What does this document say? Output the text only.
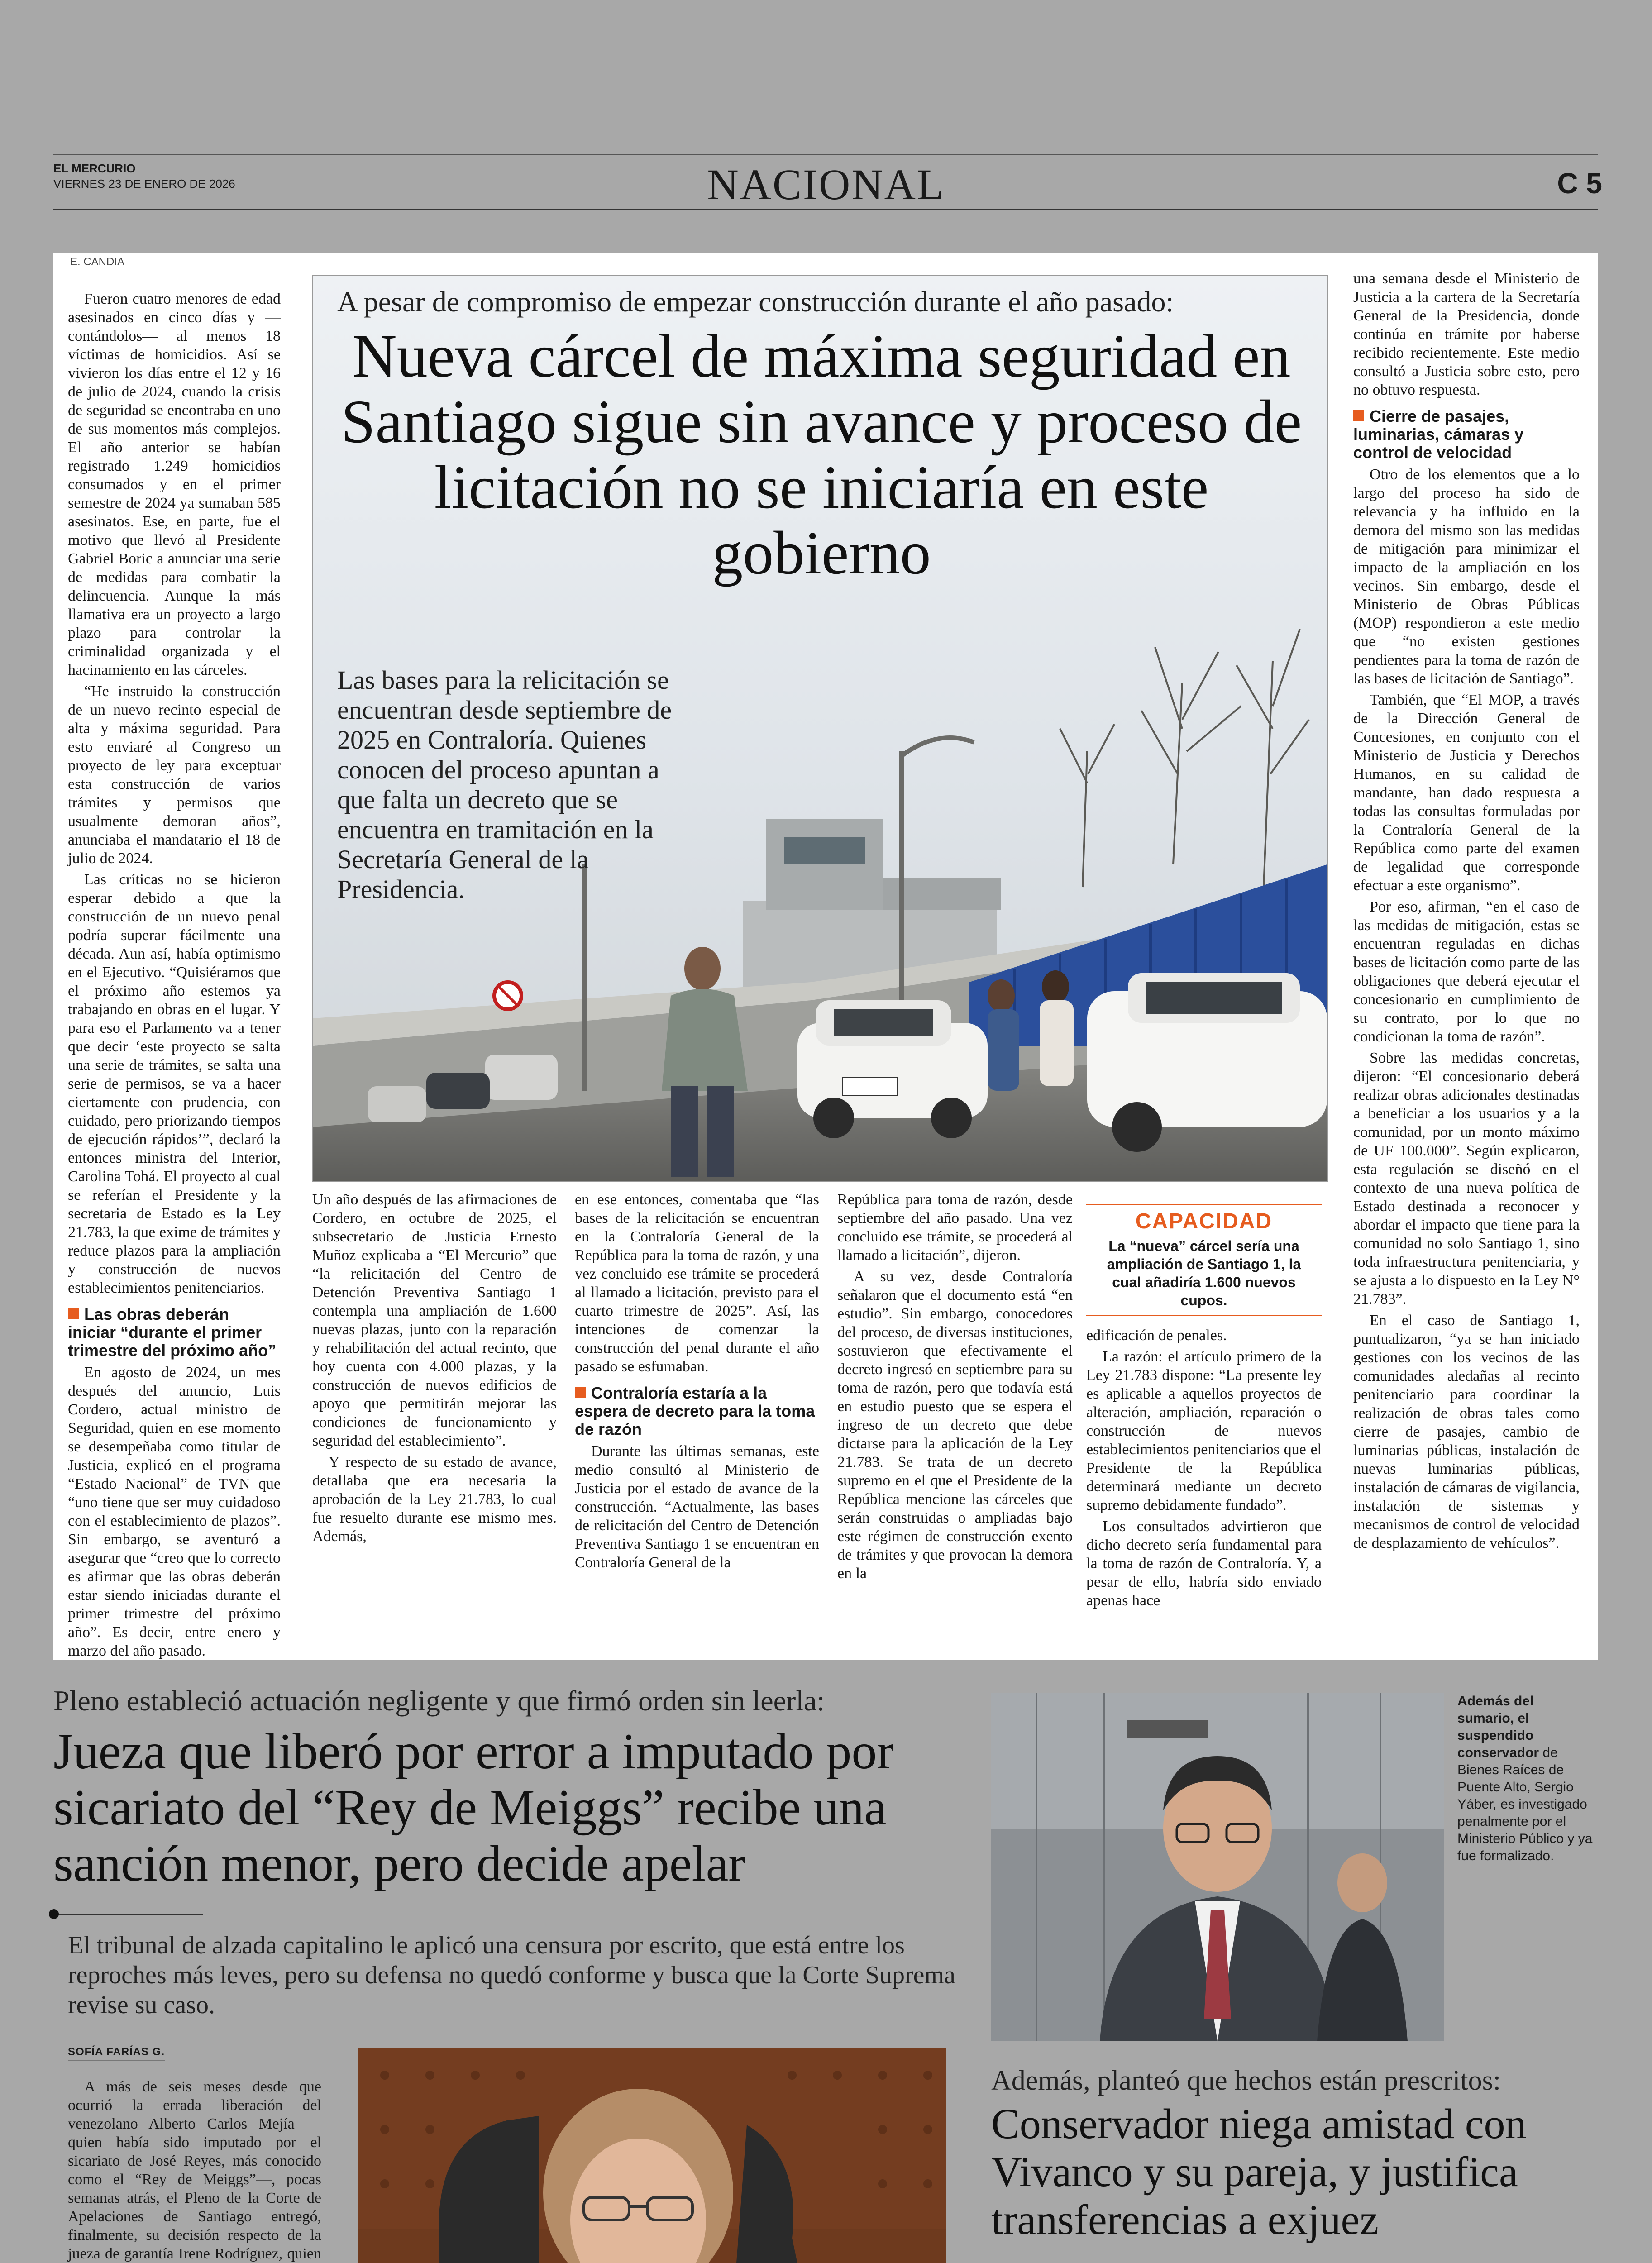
EL MERCURIO
VIERNES 23 DE ENERO DE 2026	NACIONAL	C 5
E. CANDIA

Fueron cuatro menores de edad asesinados en cinco días y —contándolos— al menos 18 víctimas de homicidios. Así se vivieron los días entre el 12 y 16 de julio de 2024, cuando la crisis de seguridad se encontraba en uno de sus momentos más complejos. El año anterior se habían registrado 1.249 homicidios consumados y en el primer semestre de 2024 ya sumaban 585 asesinatos. Ese, en parte, fue el motivo que llevó al Presidente Gabriel Boric a anunciar una serie de medidas para combatir la delincuencia. Aunque la más llamativa era un proyecto a largo plazo para controlar la criminalidad organizada y el hacinamiento en las cárceles.

“He instruido la construcción de un nuevo recinto especial de alta y máxima seguridad. Para esto enviaré al Congreso un proyecto de ley para exceptuar esta construcción de varios trámites y permisos que usualmente demoran años”, anunciaba el mandatario el 18 de julio de 2024.

Las críticas no se hicieron esperar debido a que la construcción de un nuevo penal podría superar fácilmente una década. Aun así, había optimismo en el Ejecutivo. “Quisiéramos que el próximo año estemos ya trabajando en obras en el lugar. Y para eso el Parlamento va a tener que decir ‘este proyecto se salta una serie de trámites, se salta una serie de permisos, se va a hacer ciertamente con prudencia, con cuidado, pero priorizando tiempos de ejecución rápidos’”, declaró la entonces ministra del Interior, Carolina Tohá. El proyecto al cual se referían el Presidente y la secretaria de Estado es la Ley 21.783, la que exime de trámites y reduce plazos para la ampliación y construcción de nuevos establecimientos penitenciarios.

Las obras deberán iniciar “durante el primer trimestre del próximo año”

En agosto de 2024, un mes después del anuncio, Luis Cordero, actual ministro de Seguridad, quien en ese momento se desempeñaba como titular de Justicia, explicó en el programa “Estado Nacional” de TVN que “uno tiene que ser muy cuidadoso con el establecimiento de plazos”. Sin embargo, se aventuró a asegurar que “creo que lo correcto es afirmar que las obras deberán estar siendo iniciadas durante el primer trimestre del próximo año”. Es decir, entre enero y marzo del año pasado.

A pesar de compromiso de empezar construcción durante el año pasado:
Nueva cárcel de máxima seguridad en Santiago sigue sin avance y proceso de licitación no se iniciaría en este gobierno
Las bases para la relicitación se encuentran desde septiembre de 2025 en Contraloría. Quienes conocen del proceso apuntan a que falta un decreto que se encuentra en tramitación en la Secretaría General de la Presidencia.

Un año después de las afirmaciones de Cordero, en octubre de 2025, el subsecretario de Justicia Ernesto Muñoz explicaba a “El Mercurio” que “la relicitación del Centro de Detención Preventiva Santiago 1 contempla una ampliación de 1.600 nuevas plazas, junto con la reparación y rehabilitación del actual recinto, que hoy cuenta con 4.000 plazas, y la construcción de nuevos edificios de apoyo que permitirán mejorar las condiciones de funcionamiento y seguridad del establecimiento”.

Y respecto de su estado de avance, detallaba que era necesaria la aprobación de la Ley 21.783, lo cual fue resuelto durante ese mismo mes. Además,

en ese entonces, comentaba que “las bases de la relicitación se encuentran en la Contraloría General de la República para la toma de razón, y una vez concluido ese trámite se procederá al llamado a licitación, previsto para el cuarto trimestre de 2025”. Así, las intenciones de comenzar la construcción del penal durante el año pasado se esfumaban.

Contraloría estaría a la espera de decreto para la toma de razón

Durante las últimas semanas, este medio consultó al Ministerio de Justicia por el estado de avance de la construcción. “Actualmente, las bases de relicitación del Centro de Detención Preventiva Santiago 1 se encuentran en Contraloría General de la

República para toma de razón, desde septiembre del año pasado. Una vez concluido ese trámite, se procederá al llamado a licitación”, dijeron.

A su vez, desde Contraloría señalaron que el documento está “en estudio”. Sin embargo, conocedores del proceso, de diversas instituciones, sostuvieron que efectivamente el decreto ingresó en septiembre para su toma de razón, pero que todavía está en estudio puesto que se espera el ingreso de un decreto que debe dictarse para la aplicación de la Ley 21.783. Se trata de un decreto supremo en el que el Presidente de la República mencione las cárceles que serán construidas o ampliadas bajo este régimen de construcción exento de trámites y que provocan la demora en la

CAPACIDAD
La “nueva” cárcel sería una ampliación de Santiago 1, la cual añadiría 1.600 nuevos cupos.

edificación de penales.

La razón: el artículo primero de la Ley 21.783 dispone: “La presente ley es aplicable a aquellos proyectos de alteración, ampliación, reparación o construcción de nuevos establecimientos penitenciarios que el Presidente de la República determinará mediante un decreto supremo debidamente fundado”.

Los consultados advirtieron que dicho decreto sería fundamental para la toma de razón de Contraloría. Y, a pesar de ello, habría sido enviado apenas hace

una semana desde el Ministerio de Justicia a la cartera de la Secretaría General de la Presidencia, donde continúa en trámite por haberse recibido recientemente. Este medio consultó a Justicia sobre esto, pero no obtuvo respuesta.

Cierre de pasajes, luminarias, cámaras y control de velocidad

Otro de los elementos que a lo largo del proceso ha sido de relevancia y ha influido en la demora del mismo son las medidas de mitigación para minimizar el impacto de la ampliación en los vecinos. Sin embargo, desde el Ministerio de Obras Públicas (MOP) respondieron a este medio que “no existen gestiones pendientes para la toma de razón de las bases de licitación de Santiago”.

También, que “El MOP, a través de la Dirección General de Concesiones, en conjunto con el Ministerio de Justicia y Derechos Humanos, en su calidad de mandante, han dado respuesta a todas las consultas formuladas por la Contraloría General de la República como parte del examen de legalidad que corresponde efectuar a este organismo”.

Por eso, afirman, “en el caso de las medidas de mitigación, estas se encuentran reguladas en dichas bases de licitación como parte de las obligaciones que deberá ejecutar el concesionario en cumplimiento de su contrato, por lo que no condicionan la toma de razón”.

Sobre las medidas concretas, dijeron: “El concesionario deberá realizar obras adicionales destinadas a beneficiar a los usuarios y a la comunidad, por un monto máximo de UF 100.000”. Según explicaron, esta regulación se diseñó en el contexto de una nueva política de Estado destinada a reconocer y abordar el impacto que tiene para la comunidad no solo Santiago 1, sino toda infraestructura penitenciaria, y se ajusta a lo dispuesto en la Ley N° 21.783”.

En el caso de Santiago 1, puntualizaron, “ya se han iniciado gestiones con los vecinos de las comunidades aledañas al recinto penitenciario para coordinar la realización de obras tales como cierre de pasajes, cambio de luminarias públicas, instalación de nuevas luminarias públicas, instalación de cámaras de vigilancia, instalación de sistemas y mecanismos de control de velocidad de desplazamiento de vehículos”.

Pleno estableció actuación negligente y que firmó orden sin leerla:
Jueza que liberó por error a imputado por sicariato del “Rey de Meiggs” recibe una sanción menor, pero decide apelar
El tribunal de alzada capitalino le aplicó una censura por escrito, que está entre los reproches más leves, pero su defensa no quedó conforme y busca que la Corte Suprema revise su caso.
SOFÍA FARÍAS G.

A más de seis meses desde que ocurrió la errada liberación del venezolano Alberto Carlos Mejía —quien había sido imputado por el sicariato de José Reyes, más conocido como el “Rey de Meiggs”—, pocas semanas atrás, el Pleno de la Corte de Apelaciones de Santiago entregó, finalmente, su decisión respecto de la jueza de garantía Irene Rodríguez, quien

Además del sumario, el suspendido conservador de Bienes Raíces de Puente Alto, Sergio Yáber, es investigado penalmente por el Ministerio Público y ya fue formalizado.
Además, planteó que hechos están prescritos:
Conservador niega amistad con Vivanco y su pareja, y justifica transferencias a exjuez
